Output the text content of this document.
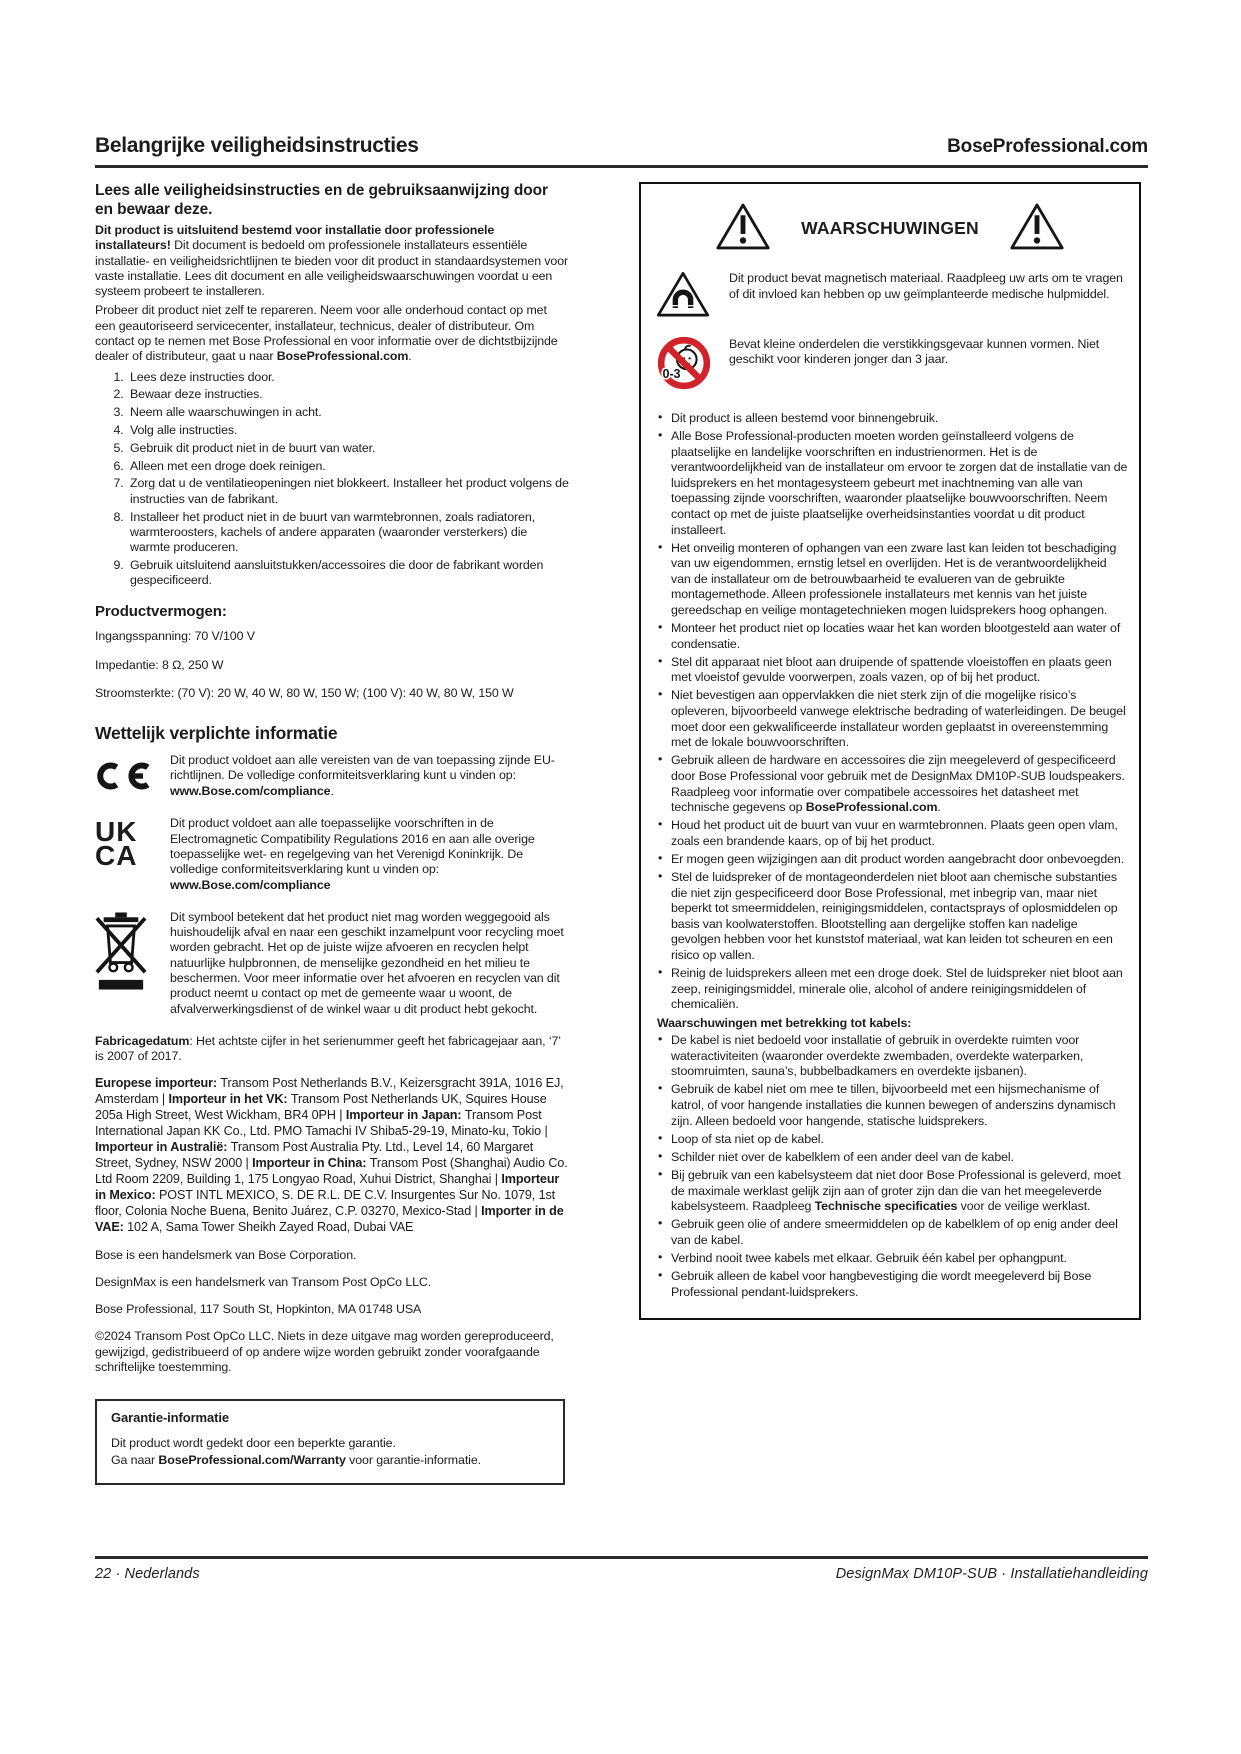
Belangrijke veiligheidsinstructies	BoseProfessional.com
Lees alle veiligheidsinstructies en de gebruiksaanwijzing door en bewaar deze.

Dit product is uitsluitend bestemd voor installatie door professionele installateurs! Dit document is bedoeld om professionele installateurs essentiële installatie- en veiligheidsrichtlijnen te bieden voor dit product in standaardsystemen voor vaste installatie. Lees dit document en alle veiligheidswaarschuwingen voordat u een systeem probeert te installeren.

Probeer dit product niet zelf te repareren. Neem voor alle onderhoud contact op met een geautoriseerd servicecenter, installateur, technicus, dealer of distributeur. Om contact op te nemen met Bose Professional en voor informatie over de dichtstbijzijnde dealer of distributeur, gaat u naar BoseProfessional.com.

1. Lees deze instructies door.
2. Bewaar deze instructies.
3. Neem alle waarschuwingen in acht.
4. Volg alle instructies.
5. Gebruik dit product niet in de buurt van water.
6. Alleen met een droge doek reinigen.
7. Zorg dat u de ventilatieopeningen niet blokkeert. Installeer het product volgens de instructies van de fabrikant.
8. Installeer het product niet in de buurt van warmtebronnen, zoals radiatoren, warmteroosters, kachels of andere apparaten (waaronder versterkers) die warmte produceren.
9. Gebruik uitsluitend aansluitstukken/accessoires die door de fabrikant worden gespecificeerd.
Productvermogen:

Ingangsspanning: 70 V/100 V

Impedantie: 8 Ω, 250 W

Stroomsterkte: (70 V): 20 W, 40 W, 80 W, 150 W; (100 V): 40 W, 80 W, 150 W

Wettelijk verplichte informatie

Dit product voldoet aan alle vereisten van de van toepassing zijnde EU-richtlijnen. De volledige conformiteitsverklaring kunt u vinden op: www.Bose.com/compliance.

UK
CA

Dit product voldoet aan alle toepasselijke voorschriften in de Electromagnetic Compatibility Regulations 2016 en aan alle overige toepasselijke wet- en regelgeving van het Verenigd Koninkrijk. De volledige conformiteitsverklaring kunt u vinden op: www.Bose.com/compliance

Dit symbool betekent dat het product niet mag worden weggegooid als huishoudelijk afval en naar een geschikt inzamelpunt voor recycling moet worden gebracht. Het op de juiste wijze afvoeren en recyclen helpt natuurlijke hulpbronnen, de menselijke gezondheid en het milieu te beschermen. Voor meer informatie over het afvoeren en recyclen van dit product neemt u contact op met de gemeente waar u woont, de afvalverwerkingsdienst of de winkel waar u dit product hebt gekocht.

Fabricagedatum: Het achtste cijfer in het serienummer geeft het fabricagejaar aan, ‘7’ is 2007 of 2017.

Europese importeur: Transom Post Netherlands B.V., Keizersgracht 391A, 1016 EJ, Amsterdam | Importeur in het VK: Transom Post Netherlands UK, Squires House 205a High Street, West Wickham, BR4 0PH | Importeur in Japan: Transom Post International Japan KK Co., Ltd. PMO Tamachi IV Shiba5-29-19, Minato-ku, Tokio | Importeur in Australië: Transom Post Australia Pty. Ltd., Level 14, 60 Margaret Street, Sydney, NSW 2000 | Importeur in China: Transom Post (Shanghai) Audio Co. Ltd Room 2209, Building 1, 175 Longyao Road, Xuhui District, Shanghai | Importeur in Mexico: POST INTL MEXICO, S. DE R.L. DE C.V. Insurgentes Sur No. 1079, 1st floor, Colonia Noche Buena, Benito Juárez, C.P. 03270, Mexico-Stad | Importer in de VAE: 102 A, Sama Tower Sheikh Zayed Road, Dubai VAE

Bose is een handelsmerk van Bose Corporation.

DesignMax is een handelsmerk van Transom Post OpCo LLC.

Bose Professional, 117 South St, Hopkinton, MA 01748 USA

©2024 Transom Post OpCo LLC. Niets in deze uitgave mag worden gereproduceerd, gewijzigd, gedistribueerd of op andere wijze worden gebruikt zonder voorafgaande schriftelijke toestemming.

Garantie-informatie

Dit product wordt gedekt door een beperkte garantie.

Ga naar BoseProfessional.com/Warranty voor garantie-informatie.

WAARSCHUWINGEN

Dit product bevat magnetisch materiaal. Raadpleeg uw arts om te vragen of dit invloed kan hebben op uw geïmplanteerde medische hulpmiddel.

0-3

Bevat kleine onderdelen die verstikkingsgevaar kunnen vormen. Niet geschikt voor kinderen jonger dan 3 jaar.

• Dit product is alleen bestemd voor binnengebruik.
• Alle Bose Professional-producten moeten worden geïnstalleerd volgens de plaatselijke en landelijke voorschriften en industrienormen. Het is de verantwoordelijkheid van de installateur om ervoor te zorgen dat de installatie van de luidsprekers en het montagesysteem gebeurt met inachtneming van alle van toepassing zijnde voorschriften, waaronder plaatselijke bouwvoorschriften. Neem contact op met de juiste plaatselijke overheidsinstanties voordat u dit product installeert.
• Het onveilig monteren of ophangen van een zware last kan leiden tot beschadiging van uw eigendommen, ernstig letsel en overlijden. Het is de verantwoordelijkheid van de installateur om de betrouwbaarheid te evalueren van de gebruikte montagemethode. Alleen professionele installateurs met kennis van het juiste gereedschap en veilige montagetechnieken mogen luidsprekers hoog ophangen.
• Monteer het product niet op locaties waar het kan worden blootgesteld aan water of condensatie.
• Stel dit apparaat niet bloot aan druipende of spattende vloeistoffen en plaats geen met vloeistof gevulde voorwerpen, zoals vazen, op of bij het product.
• Niet bevestigen aan oppervlakken die niet sterk zijn of die mogelijke risico’s opleveren, bijvoorbeeld vanwege elektrische bedrading of waterleidingen. De beugel moet door een gekwalificeerde installateur worden geplaatst in overeenstemming met de lokale bouwvoorschriften.
• Gebruik alleen de hardware en accessoires die zijn meegeleverd of gespecificeerd door Bose Professional voor gebruik met de DesignMax DM10P-SUB loudspeakers. Raadpleeg voor informatie over compatibele accessoires het datasheet met technische gegevens op BoseProfessional.com.
• Houd het product uit de buurt van vuur en warmtebronnen. Plaats geen open vlam, zoals een brandende kaars, op of bij het product.
• Er mogen geen wijzigingen aan dit product worden aangebracht door onbevoegden.
• Stel de luidspreker of de montageonderdelen niet bloot aan chemische substanties die niet zijn gespecificeerd door Bose Professional, met inbegrip van, maar niet beperkt tot smeermiddelen, reinigingsmiddelen, contactsprays of oplosmiddelen op basis van koolwaterstoffen. Blootstelling aan dergelijke stoffen kan nadelige gevolgen hebben voor het kunststof materiaal, wat kan leiden tot scheuren en een risico op vallen.
• Reinig de luidsprekers alleen met een droge doek. Stel de luidspreker niet bloot aan zeep, reinigingsmiddel, minerale olie, alcohol of andere reinigingsmiddelen of chemicaliën.

Waarschuwingen met betrekking tot kabels:

• De kabel is niet bedoeld voor installatie of gebruik in overdekte ruimten voor wateractiviteiten (waaronder overdekte zwembaden, overdekte waterparken, stoomruimten, sauna’s, bubbelbadkamers en overdekte ijsbanen).
• Gebruik de kabel niet om mee te tillen, bijvoorbeeld met een hijsmechanisme of katrol, of voor hangende installaties die kunnen bewegen of anderszins dynamisch zijn. Alleen bedoeld voor hangende, statische luidsprekers.
• Loop of sta niet op de kabel.
• Schilder niet over de kabelklem of een ander deel van de kabel.
• Bij gebruik van een kabelsysteem dat niet door Bose Professional is geleverd, moet de maximale werklast gelijk zijn aan of groter zijn dan die van het meegeleverde kabelsysteem. Raadpleeg Technische specificaties voor de veilige werklast.
• Gebruik geen olie of andere smeermiddelen op de kabelklem of op enig ander deel van de kabel.
• Verbind nooit twee kabels met elkaar. Gebruik één kabel per ophangpunt.
• Gebruik alleen de kabel voor hangbevestiging die wordt meegeleverd bij Bose Professional pendant-luidsprekers.
22 · Nederlands	DesignMax DM10P-SUB · Installatiehandleiding
